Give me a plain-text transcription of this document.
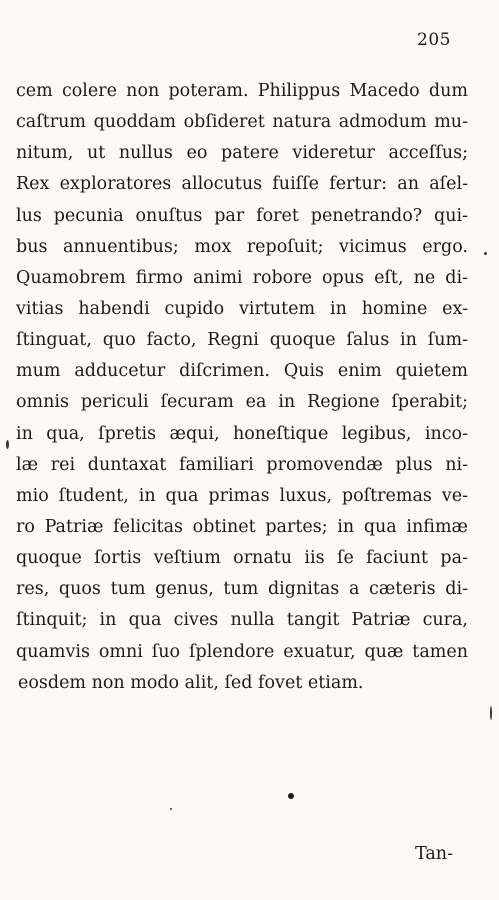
205
cem colere non poteram. Philippus Macedo dum
caſtrum quoddam obſideret natura admodum mu-
nitum, ut nullus eo patere videretur acceſſus;
Rex exploratores allocutus fuiſſe fertur: an aſel-
lus pecunia onuſtus par foret penetrando? qui-
bus annuentibus; mox repoſuit; vicimus ergo.
Quamobrem firmo animi robore opus eſt, ne di-
vitias habendi cupido virtutem in homine ex-
ſtinguat, quo facto, Regni quoque ſalus in ſum-
mum adducetur diſcrimen. Quis enim quietem
omnis periculi ſecuram ea in Regione ſperabit;
in qua, ſpretis æqui, honeſtique legibus, inco-
læ rei duntaxat familiari promovendæ plus ni-
mio ſtudent, in qua primas luxus, poſtremas ve-
ro Patriæ felicitas obtinet partes; in qua infimæ
quoque ſortis veſtium ornatu iis ſe faciunt pa-
res, quos tum genus, tum dignitas a cæteris di-
ſtinquit; in qua cives nulla tangit Patriæ cura,
quamvis omni ſuo ſplendore exuatur, quæ tamen
eosdem non modo alit, ſed fovet etiam.
Tan-
